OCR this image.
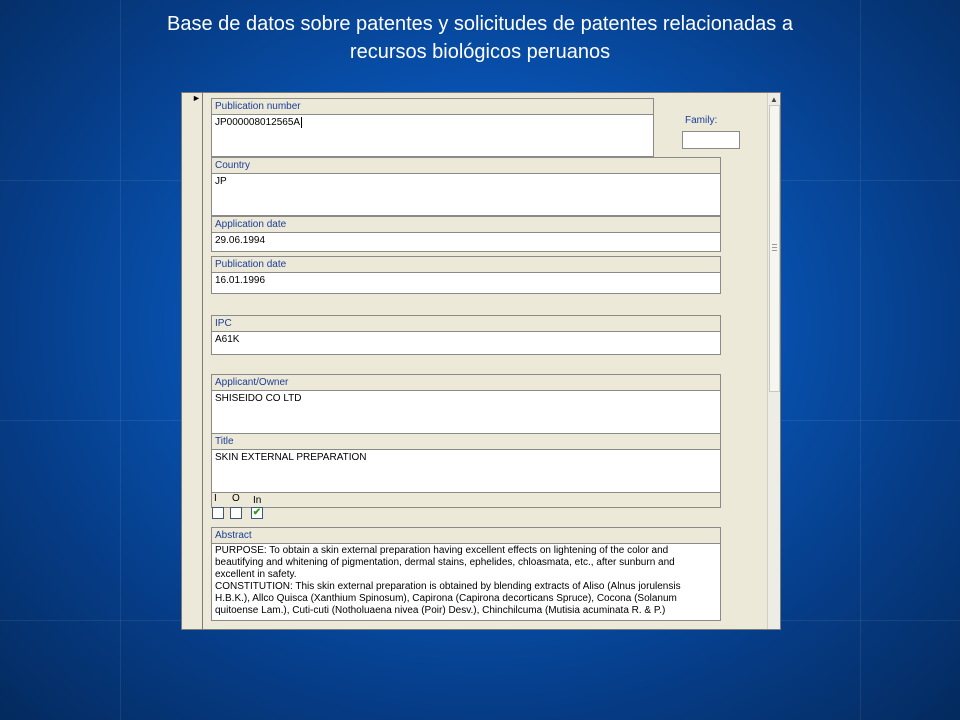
Base de datos sobre patentes y solicitudes de patentes relacionadas a
recursos biológicos peruanos
►
Publication number
JP000008012565A	Family:
Country
JP
Application date
29.06.1994
Publication date
16.01.1996
IPC
A61K
Applicant/Owner
SHISEIDO CO LTD
Title
SKIN EXTERNAL PREPARATION
I O In
✔
Abstract
PURPOSE: To obtain a skin external preparation having excellent effects on lightening of the color and
beautifying and whitening of pigmentation, dermal stains, ephelides, chloasmata, etc., after sunburn and
excellent in safety.
CONSTITUTION: This skin external preparation is obtained by blending extracts of Aliso (Alnus jorulensis
H.B.K.), Allco Quisca (Xanthium Spinosum), Capirona (Capirona decorticans Spruce), Cocona (Solanum
quitoense Lam.), Cuti-cuti (Notholuaena nivea (Poir) Desv.), Chinchilcuma (Mutisia acuminata R. & P.)
▲
